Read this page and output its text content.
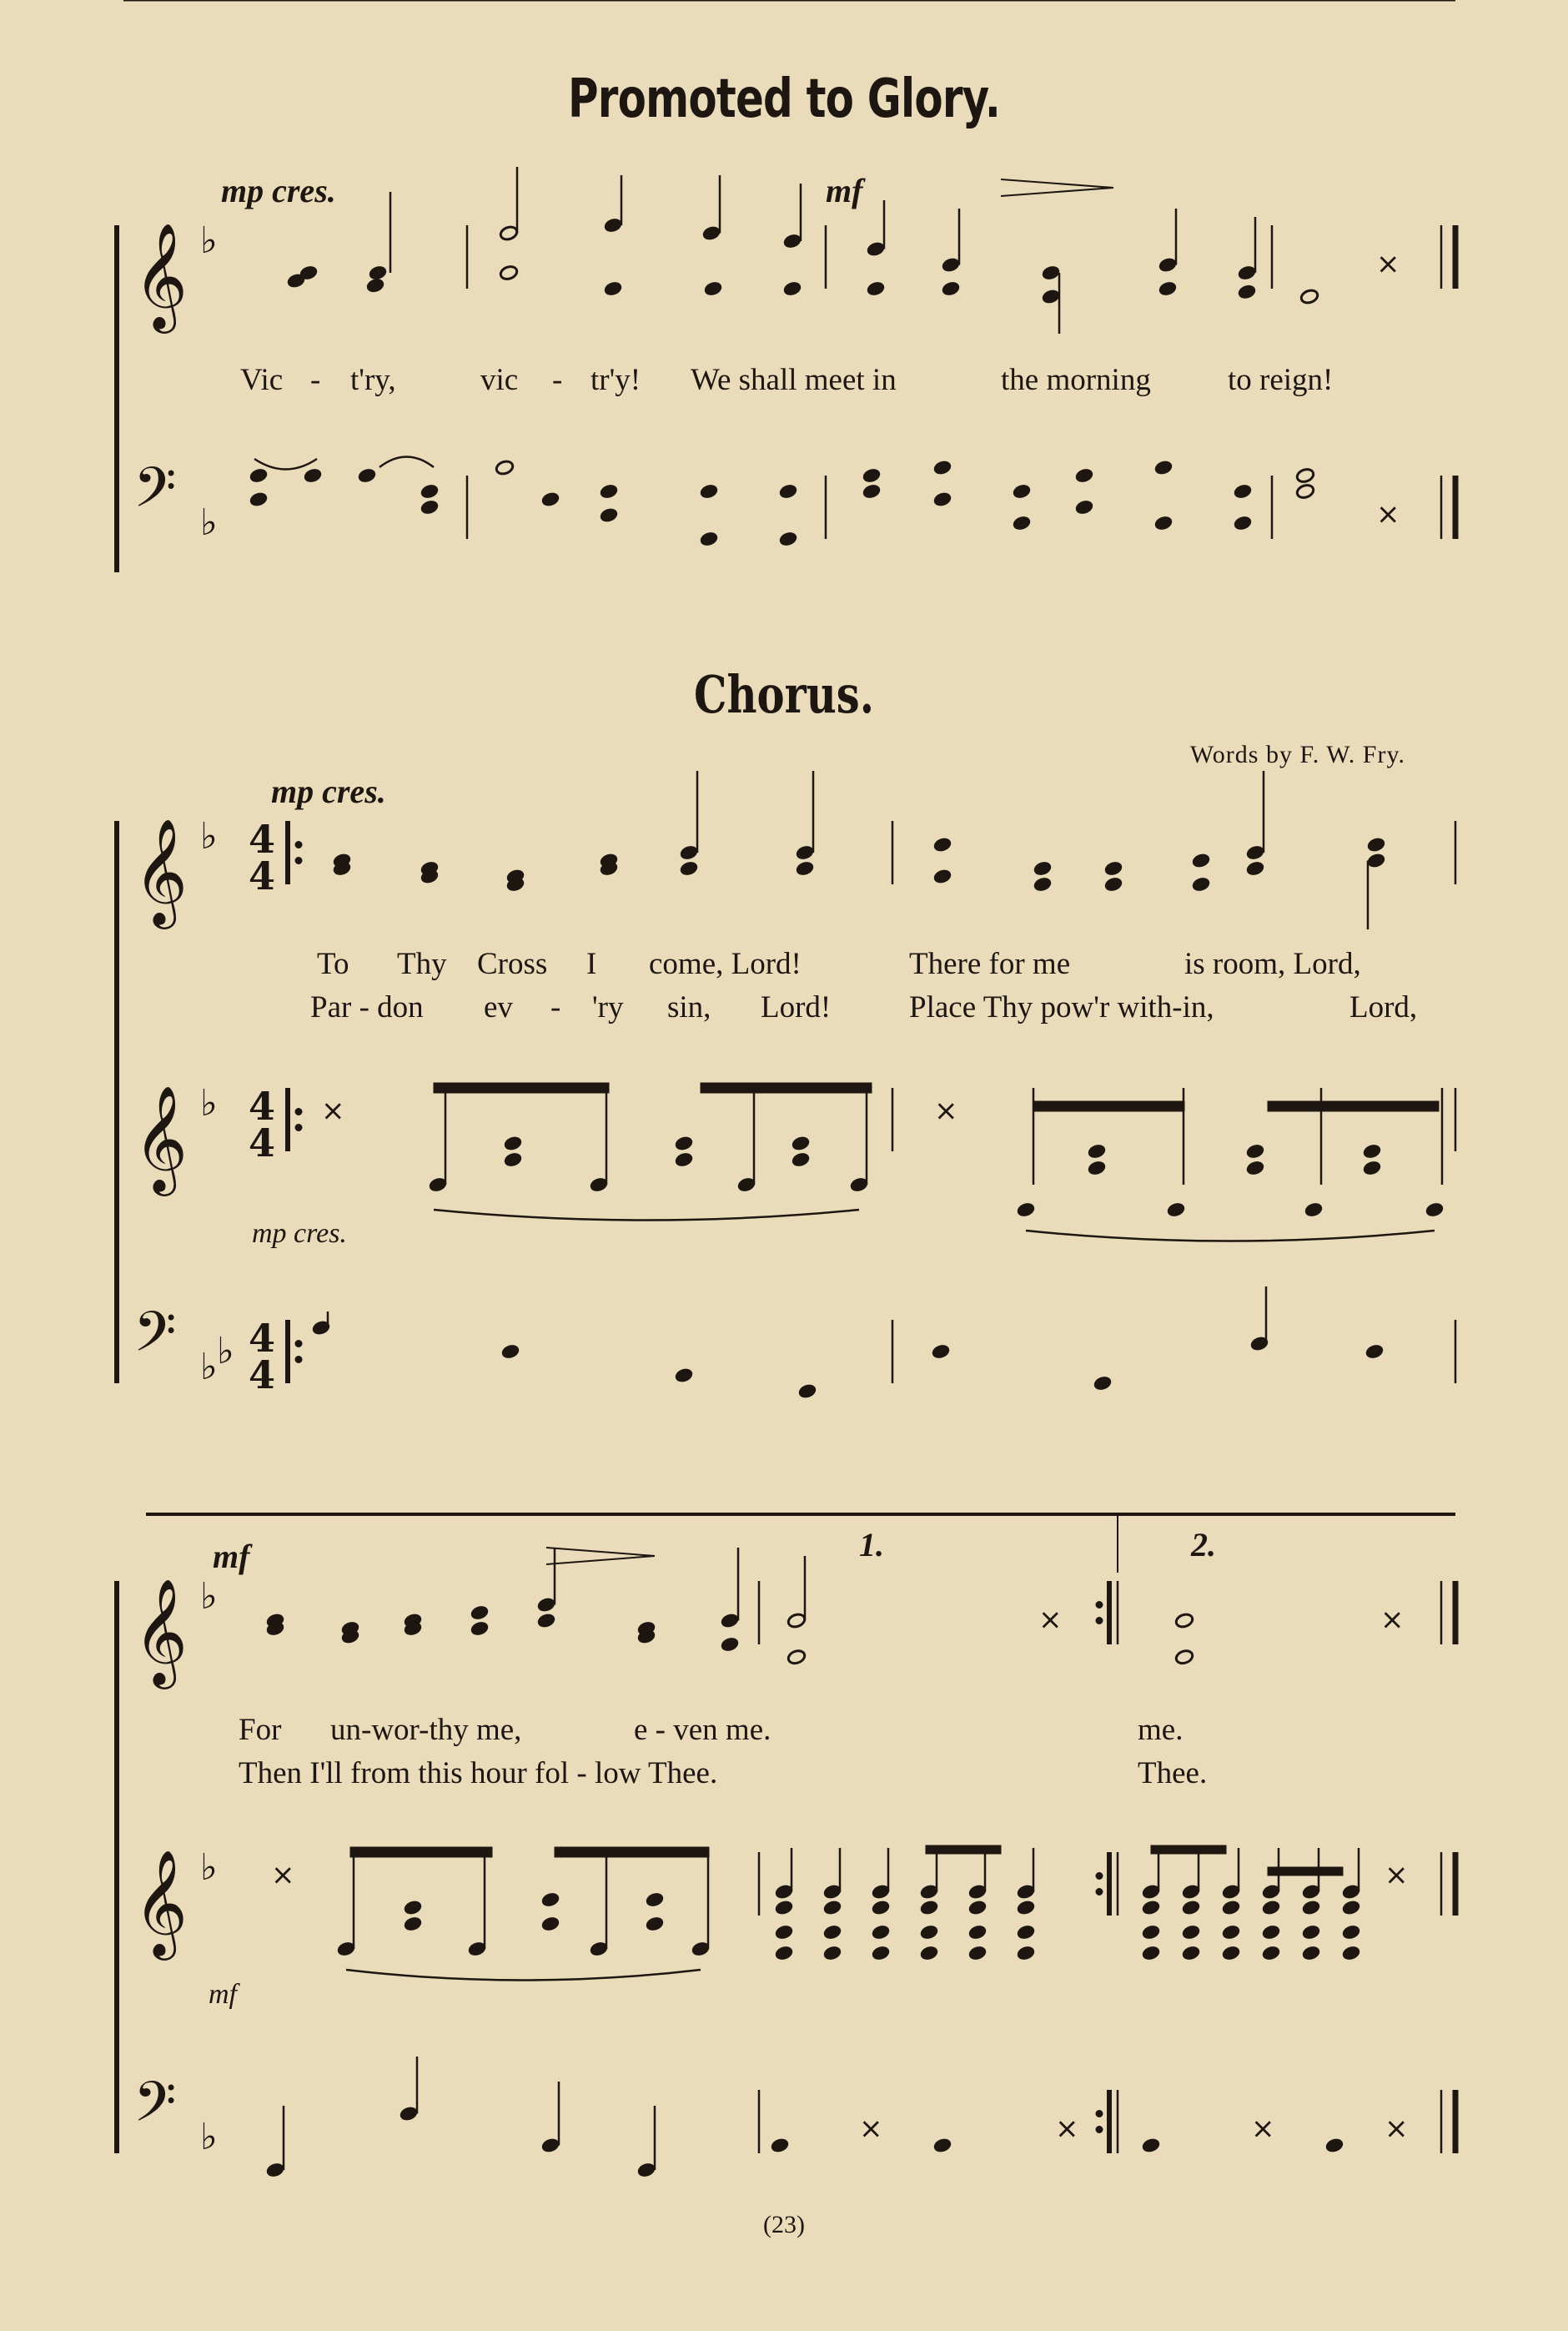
Promoted to Glory.
mp cres.	mf
Vic - t'ry,	vic - tr'y! We shall meet in	the morning to reign!
Chorus.
Words by F. W. Fry.
mp cres.
To Thy Cross I come, Lord!	There for me	is room, Lord,
Par - don ev - 'ry sin, Lord!	Place Thy pow'r with-in,	Lord,
mp cres.
mf	1.	2.
For un-wor-thy me,	e - ven me.	me.
Then I'll from this hour fol - low Thee.	Thee.
mf
(23)
𝄞 ♭
𝄢 ♭
×
×
𝄞 ♭ 4
4
𝄞 ♭ 4
4
𝄢 ♭ ♭ 4
4
×	×
𝄞 ♭
𝄞 ♭
𝄢 ♭
×	×
×	×
×	×	×	×
